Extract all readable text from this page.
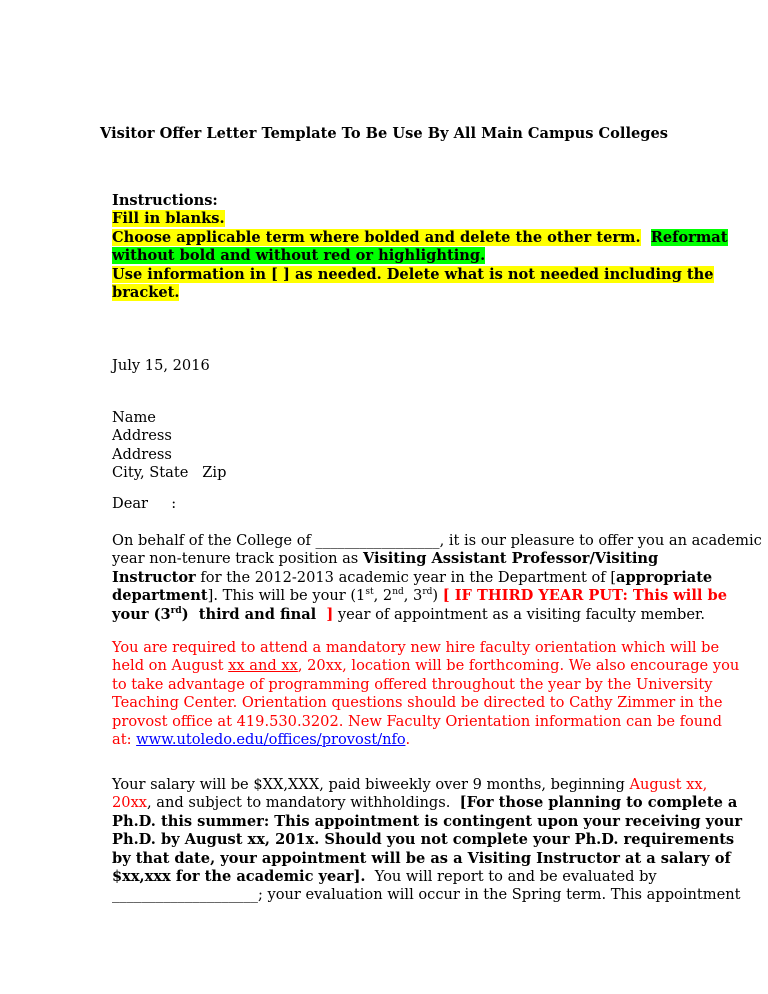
Visitor Offer Letter Template To Be Use By All Main Campus Colleges
Instructions:
Fill in blanks.
Choose applicable term where bolded and delete the other term. Reformat
without bold and without red or highlighting.
Use information in [ ] as needed. Delete what is not needed including the
bracket.
July 15, 2016
Name
Address
Address
City, State   Zip
Dear     :
On behalf of the College of _________________, it is our pleasure to offer you an academic
year non-tenure track position as Visiting Assistant Professor/Visiting
Instructor for the 2012-2013 academic year in the Department of [appropriate
department]. This will be your (1st, 2nd, 3rd) [ IF THIRD YEAR PUT: This will be
your (3rd)  third and final  ] year of appointment as a visiting faculty member.
You are required to attend a mandatory new hire faculty orientation which will be
held on August xx and xx, 20xx, location will be forthcoming. We also encourage you
to take advantage of programming offered throughout the year by the University
Teaching Center. Orientation questions should be directed to Cathy Zimmer in the
provost office at 419.530.3202. New Faculty Orientation information can be found
at: www.utoledo.edu/offices/provost/nfo.
Your salary will be $XX,XXX, paid biweekly over 9 months, beginning August xx,
20xx, and subject to mandatory withholdings.  [For those planning to complete a
Ph.D. this summer: This appointment is contingent upon your receiving your
Ph.D. by August xx, 201x. Should you not complete your Ph.D. requirements
by that date, your appointment will be as a Visiting Instructor at a salary of
$xx,xxx for the academic year].  You will report to and be evaluated by
____________________; your evaluation will occur in the Spring term. This appointment
